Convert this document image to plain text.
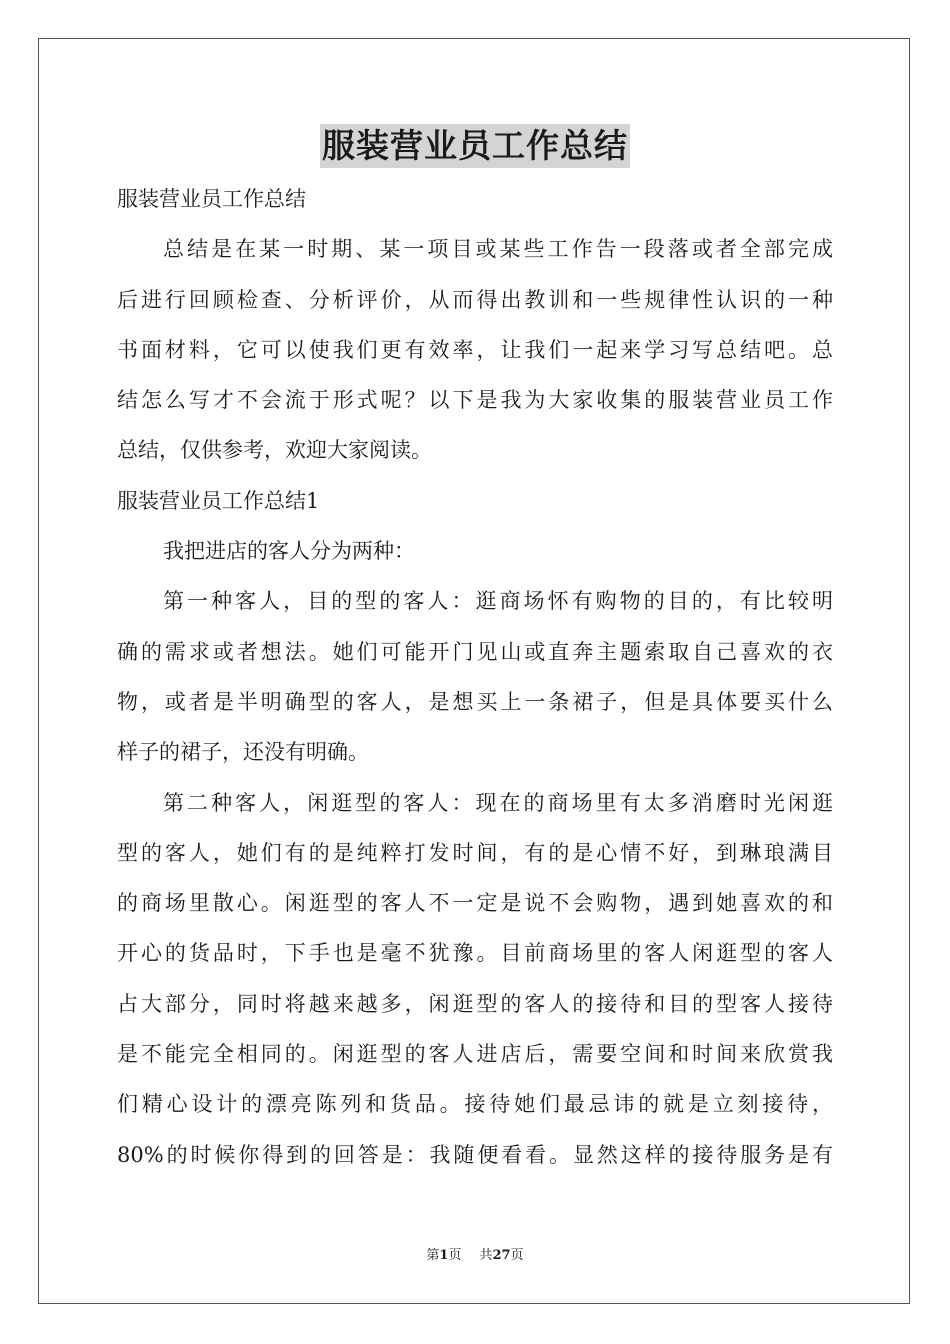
服装营业员工作总结
服装营业员工作总结
总结是在某一时期、某一项目或某些工作告一段落或者全部完成
后进行回顾检查、分析评价，从而得出教训和一些规律性认识的一种
书面材料，它可以使我们更有效率，让我们一起来学习写总结吧。总
结怎么写才不会流于形式呢？以下是我为大家收集的服装营业员工作
总结，仅供参考，欢迎大家阅读。
服装营业员工作总结1
我把进店的客人分为两种：
第一种客人，目的型的客人：逛商场怀有购物的目的，有比较明
确的需求或者想法。她们可能开门见山或直奔主题索取自己喜欢的衣
物，或者是半明确型的客人，是想买上一条裙子，但是具体要买什么
样子的裙子，还没有明确。
第二种客人，闲逛型的客人：现在的商场里有太多消磨时光闲逛
型的客人，她们有的是纯粹打发时间，有的是心情不好，到琳琅满目
的商场里散心。闲逛型的客人不一定是说不会购物，遇到她喜欢的和
开心的货品时，下手也是毫不犹豫。目前商场里的客人闲逛型的客人
占大部分，同时将越来越多，闲逛型的客人的接待和目的型客人接待
是不能完全相同的。闲逛型的客人进店后，需要空间和时间来欣赏我
们精心设计的漂亮陈列和货品。接待她们最忌讳的就是立刻接待，
80%的时候你得到的回答是：我随便看看。显然这样的接待服务是有
第1页 共27页
